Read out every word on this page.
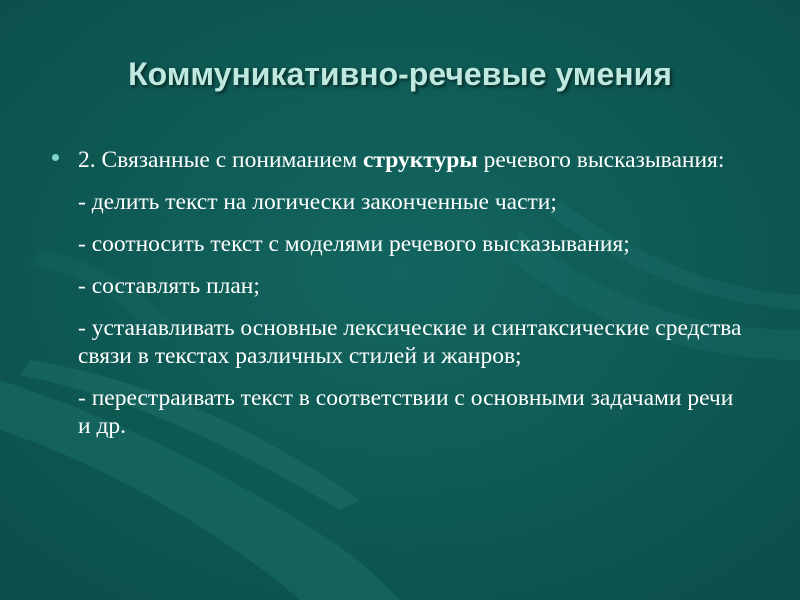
Коммуникативно-речевые умения
2. Связанные с пониманием структуры речевого высказывания:
- делить текст на логически законченные части;
- соотносить текст с моделями речевого высказывания;
- составлять план;
- устанавливать основные лексические и синтаксические средства связи в текстах различных стилей и жанров;
- перестраивать текст в соответствии с основными задачами речи и др.
